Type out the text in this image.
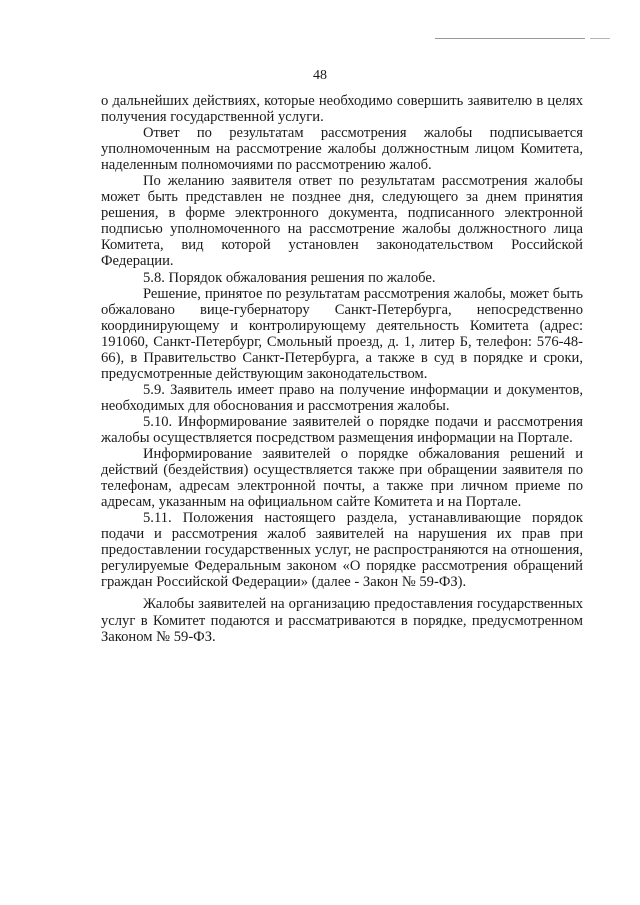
48

о дальнейших действиях, которые необходимо совершить заявителю в целях получения государственной услуги.

Ответ по результатам рассмотрения жалобы подписывается уполномоченным на рассмотрение жалобы должностным лицом Комитета, наделенным полномочиями по рассмотрению жалоб.

По желанию заявителя ответ по результатам рассмотрения жалобы может быть представлен не позднее дня, следующего за днем принятия решения, в форме электронного документа, подписанного электронной подписью уполномоченного на рассмотрение жалобы должностного лица Комитета, вид которой установлен законодательством Российской Федерации.

5.8. Порядок обжалования решения по жалобе.

Решение, принятое по результатам рассмотрения жалобы, может быть обжаловано вице-губернатору Санкт-Петербурга, непосредственно координирующему и контролирующему деятельность Комитета (адрес: 191060, Санкт-Петербург, Смольный проезд, д. 1, литер Б, телефон: 576-48-66), в Правительство Санкт-Петербурга, а также в суд в порядке и сроки, предусмотренные действующим законодательством.

5.9. Заявитель имеет право на получение информации и документов, необходимых для обоснования и рассмотрения жалобы.

5.10. Информирование заявителей о порядке подачи и рассмотрения жалобы осуществляется посредством размещения информации на Портале.

Информирование заявителей о порядке обжалования решений и действий (бездействия) осуществляется также при обращении заявителя по телефонам, адресам электронной почты, а также при личном приеме по адресам, указанным на официальном сайте Комитета и на Портале.

5.11. Положения настоящего раздела, устанавливающие порядок подачи и рассмотрения жалоб заявителей на нарушения их прав при предоставлении государственных услуг, не распространяются на отношения, регулируемые Федеральным законом «О порядке рассмотрения обращений граждан Российской Федерации» (далее - Закон № 59-ФЗ).

Жалобы заявителей на организацию предоставления государственных услуг в Комитет подаются и рассматриваются в порядке, предусмотренном Законом № 59-ФЗ.
